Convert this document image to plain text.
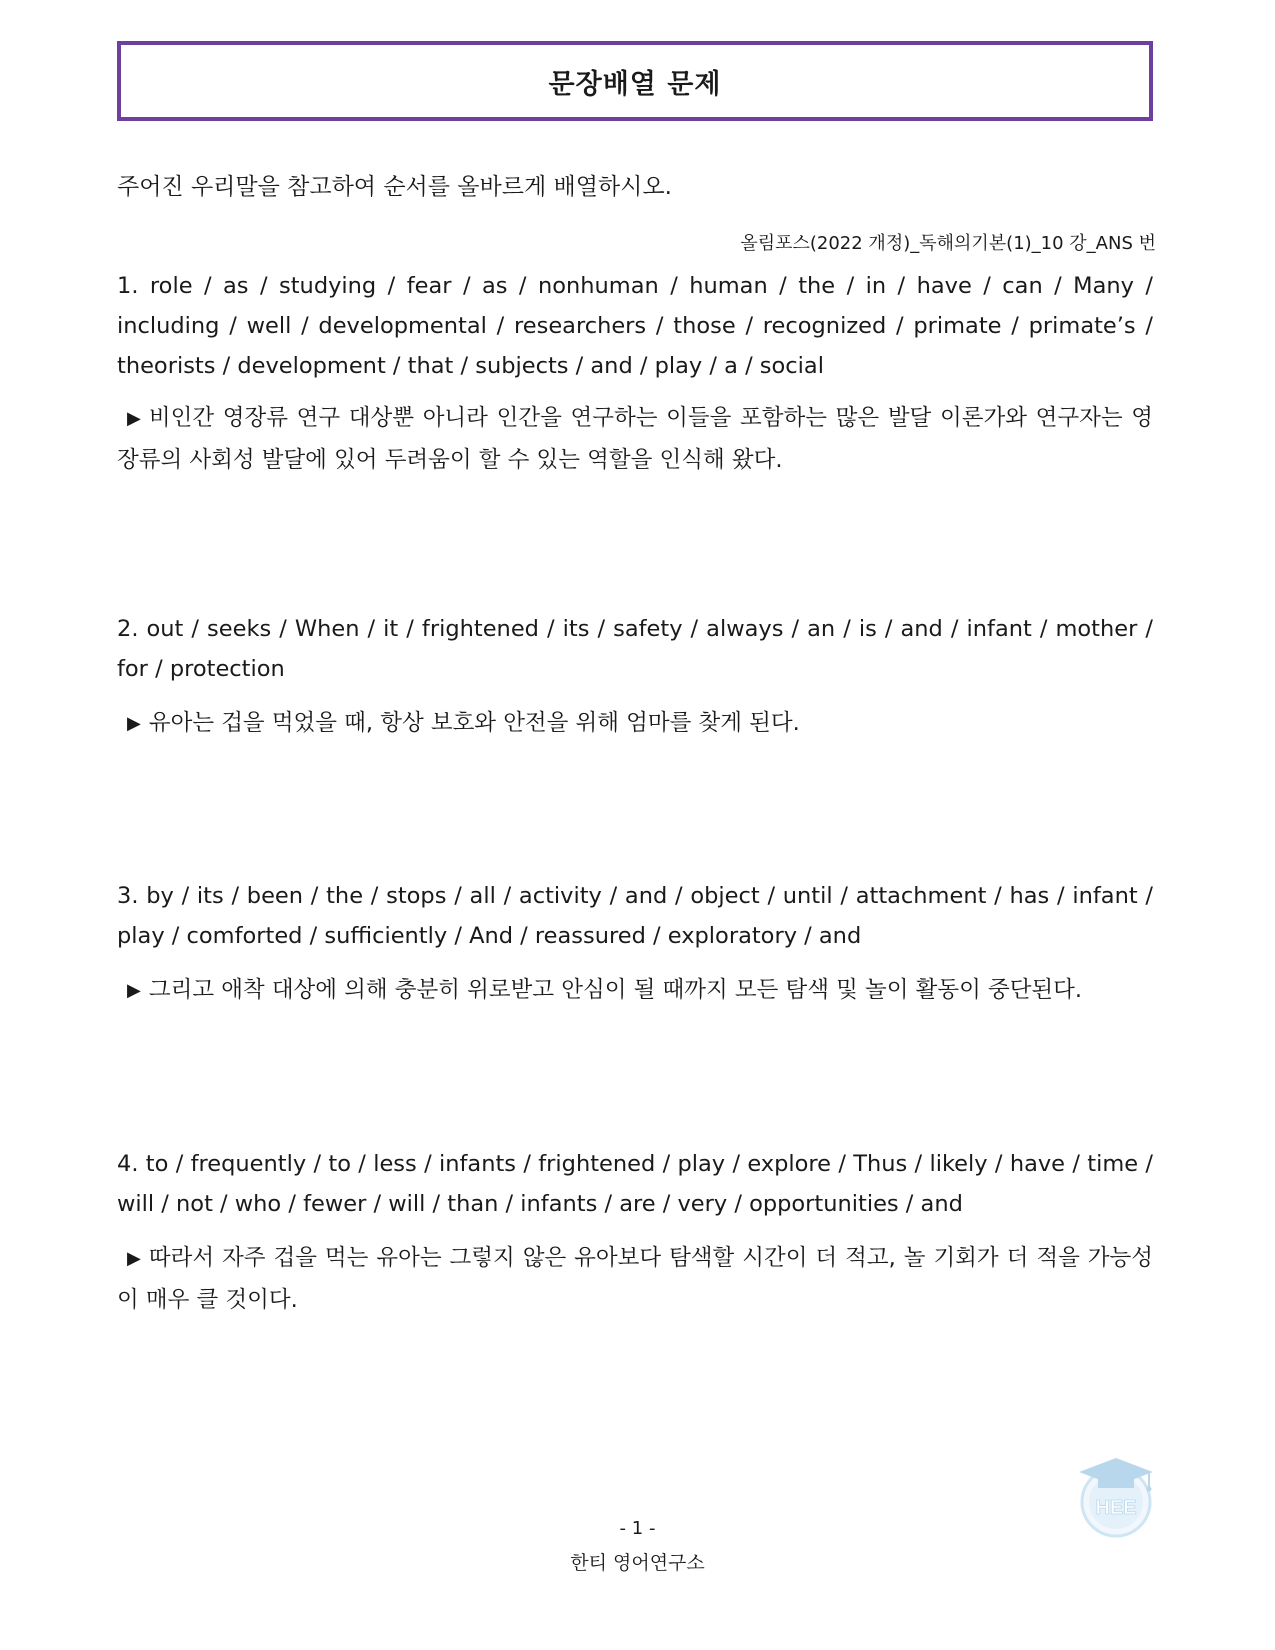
문장배열 문제
주어진 우리말을 참고하여 순서를 올바르게 배열하시오.
올림포스(2022 개정)_독해의기본(1)_10 강_ANS 번
1. role / as / studying / fear / as / nonhuman / human / the / in / have / can / Many / including / well / developmental / researchers / those / recognized / primate / primate’s / theorists / development / that / subjects / and / play / a / social
▶ 비인간 영장류 연구 대상뿐 아니라 인간을 연구하는 이들을 포함하는 많은 발달 이론가와 연구자는 영장류의 사회성 발달에 있어 두려움이 할 수 있는 역할을 인식해 왔다.
2. out / seeks / When / it / frightened / its / safety / always / an / is / and / infant / mother / for / protection
▶ 유아는 겁을 먹었을 때, 항상 보호와 안전을 위해 엄마를 찾게 된다.
3. by / its / been / the / stops / all / activity / and / object / until / attachment / has / infant / play / comforted / sufficiently / And / reassured / exploratory / and
▶ 그리고 애착 대상에 의해 충분히 위로받고 안심이 될 때까지 모든 탐색 및 놀이 활동이 중단된다.
4. to / frequently / to / less / infants / frightened / play / explore / Thus / likely / have / time / will / not / who / fewer / will / than / infants / are / very / opportunities / and
▶ 따라서 자주 겁을 먹는 유아는 그렇지 않은 유아보다 탐색할 시간이 더 적고, 놀 기회가 더 적을 가능성이 매우 클 것이다.
HEE
- 1 -
한티 영어연구소
